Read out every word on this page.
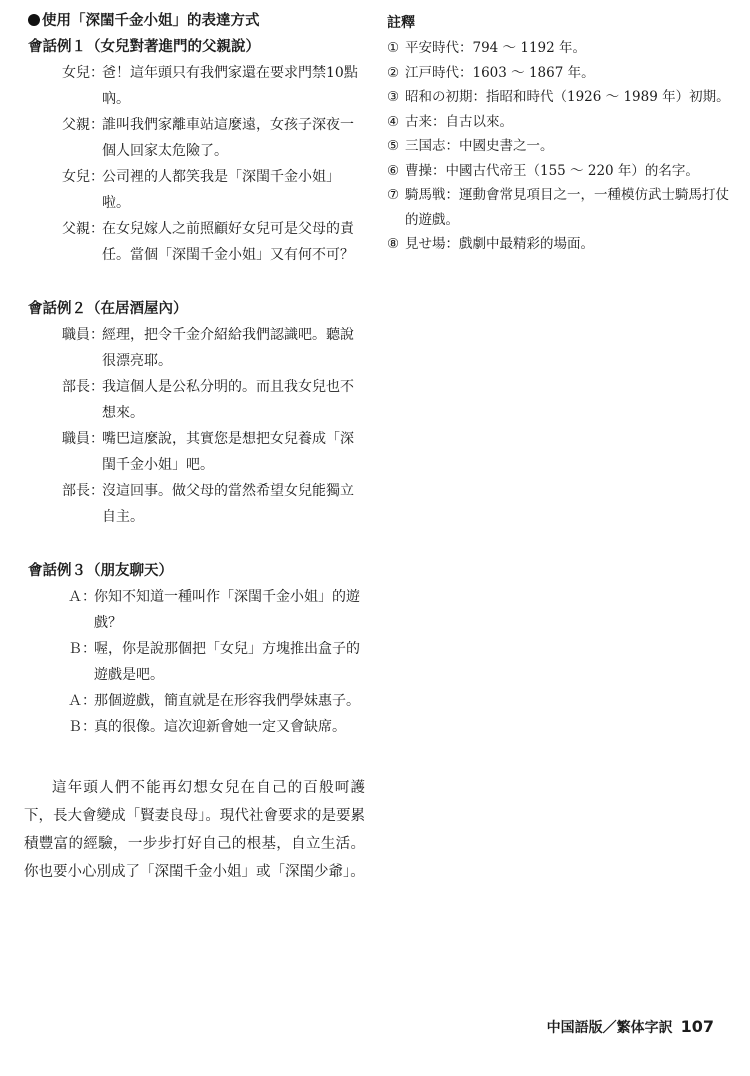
使用「深閨千金小姐」的表達方式
會話例１（女兒對著進門的父親說）
女兒 ：
爸！這年頭只有我們家還在要求門禁10點吶。
父親 ：
誰叫我們家離車站這麼遠，女孩子深夜一個人回家太危險了。
女兒 ：
公司裡的人都笑我是「深閨千金小姐」啦。
父親 ：
在女兒嫁人之前照顧好女兒可是父母的責任。當個「深閨千金小姐」又有何不可？
會話例２（在居酒屋內）
職員 ：
經理，把令千金介紹給我們認識吧。聽說很漂亮耶。
部長 ：
我這個人是公私分明的。而且我女兒也不想來。
職員 ：
嘴巴這麼說，其實您是想把女兒養成「深閨千金小姐」吧。
部長 ：
沒這回事。做父母的當然希望女兒能獨立自主。
會話例３（朋友聊天）
Ａ ：
你知不知道一種叫作「深閨千金小姐」的遊戲？
Ｂ ：
喔，你是說那個把「女兒」方塊推出盒子的遊戲是吧。
Ａ ：
那個遊戲，簡直就是在形容我們學妹惠子。
Ｂ ：
真的很像。這次迎新會她一定又會缺席。

這年頭人們不能再幻想女兒在自己的百般呵護下，長大會變成「賢妻良母」。現代社會要求的是要累積豐富的經驗，一步步打好自己的根基，自立生活。你也要小心別成了「深閨千金小姐」或「深閨少爺」。

註釋
① 平安時代：794 ～ 1192 年。
② 江戸時代：1603 ～ 1867 年。
③ 昭和の初期：指昭和時代（1926 ～ 1989 年）初期。
④ 古来：自古以來。
⑤ 三国志：中國史書之一。
⑥ 曹操：中國古代帝王（155 ～ 220 年）的名字。
⑦ 騎馬戦：運動會常見項目之一，一種模仿武士騎馬打仗的遊戲。
⑧ 見せ場：戲劇中最精彩的場面。
中国語版／繁体字訳 107
